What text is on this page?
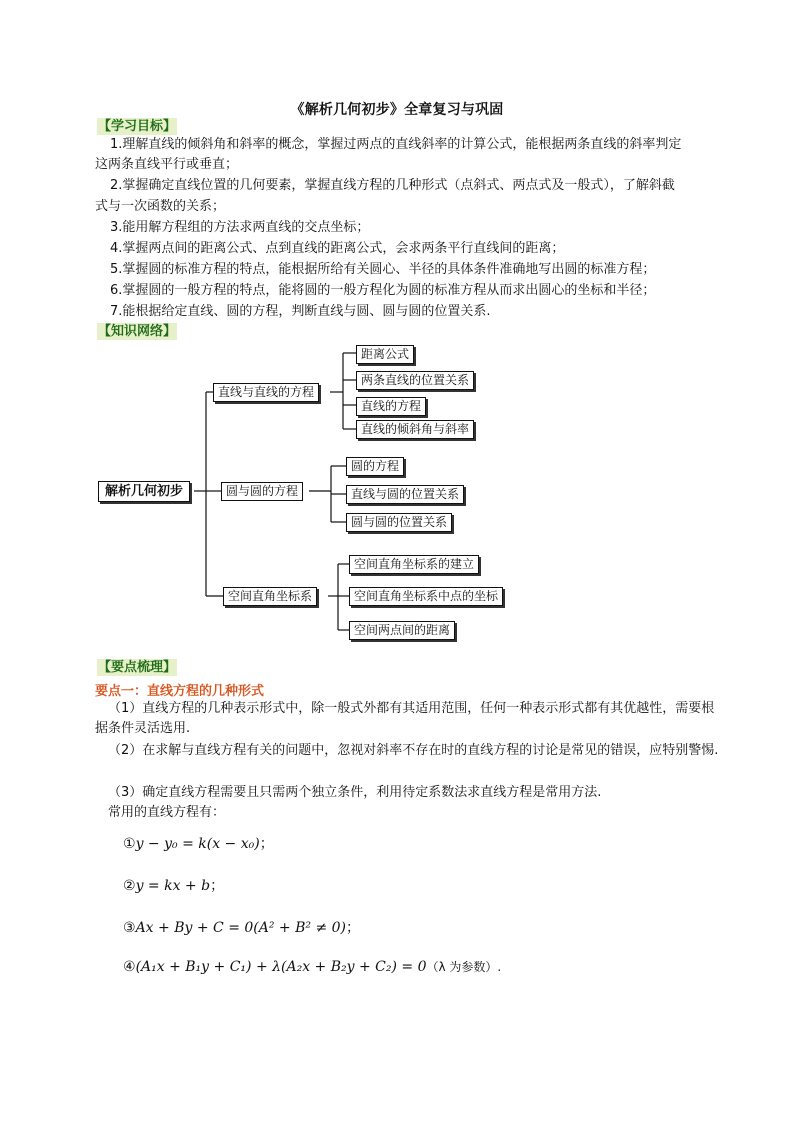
《解析几何初步》全章复习与巩固
【学习目标】
1.理解直线的倾斜角和斜率的概念，掌握过两点的直线斜率的计算公式，能根据两条直线的斜率判定
这两条直线平行或垂直；
2.掌握确定直线位置的几何要素，掌握直线方程的几种形式（点斜式、两点式及一般式），了解斜截
式与一次函数的关系；
3.能用解方程组的方法求两直线的交点坐标；
4.掌握两点间的距离公式、点到直线的距离公式，会求两条平行直线间的距离；
5.掌握圆的标准方程的特点，能根据所给有关圆心、半径的具体条件准确地写出圆的标准方程；
6.掌握圆的一般方程的特点，能将圆的一般方程化为圆的标准方程从而求出圆心的坐标和半径；
7.能根据给定直线、圆的方程，判断直线与圆、圆与圆的位置关系.
【知识网络】
解析几何初步
直线与直线的方程
圆与圆的方程
空间直角坐标系
距离公式
两条直线的位置关系
直线的方程
直线的倾斜角与斜率
圆的方程
直线与圆的位置关系
圆与圆的位置关系
空间直角坐标系的建立
空间直角坐标系中点的坐标
空间两点间的距离
【要点梳理】
要点一：直线方程的几种形式
（1）直线方程的几种表示形式中，除一般式外都有其适用范围，任何一种表示形式都有其优越性，需要根据条件灵活选用.
（2）在求解与直线方程有关的问题中，忽视对斜率不存在时的直线方程的讨论是常见的错误，应特别警惕.
（3）确定直线方程需要且只需两个独立条件，利用待定系数法求直线方程是常用方法.
常用的直线方程有：
①y − y₀ = k(x − x₀)；
②y = kx + b；
③Ax + By + C = 0(A² + B² ≠ 0)；
④(A₁x + B₁y + C₁) + λ(A₂x + B₂y + C₂) = 0（λ 为参数）.
